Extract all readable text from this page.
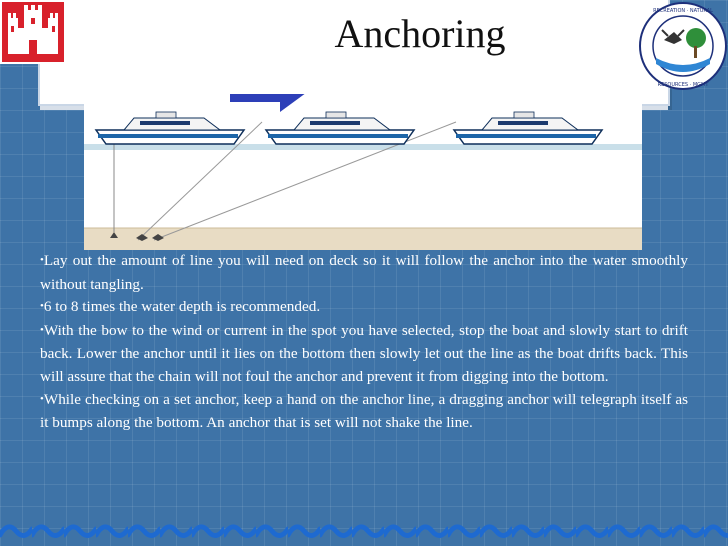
Anchoring	RECREATION · NATURAL
RESOURCES · MGMT
WIND

•Lay out the amount of line you will need on deck so it will follow the anchor into the water smoothly without tangling.

•6 to 8 times the water depth is recommended.

•With the bow to the wind or current in the spot you have selected, stop the boat and slowly start to drift back. Lower the anchor until it lies on the bottom then slowly let out the line as the boat drifts back. This will assure that the chain will not foul the anchor and prevent it from digging into the bottom.

•While checking on a set anchor, keep a hand on the anchor line, a dragging anchor will telegraph itself as it bumps along the bottom. An anchor that is set will not shake the line.
